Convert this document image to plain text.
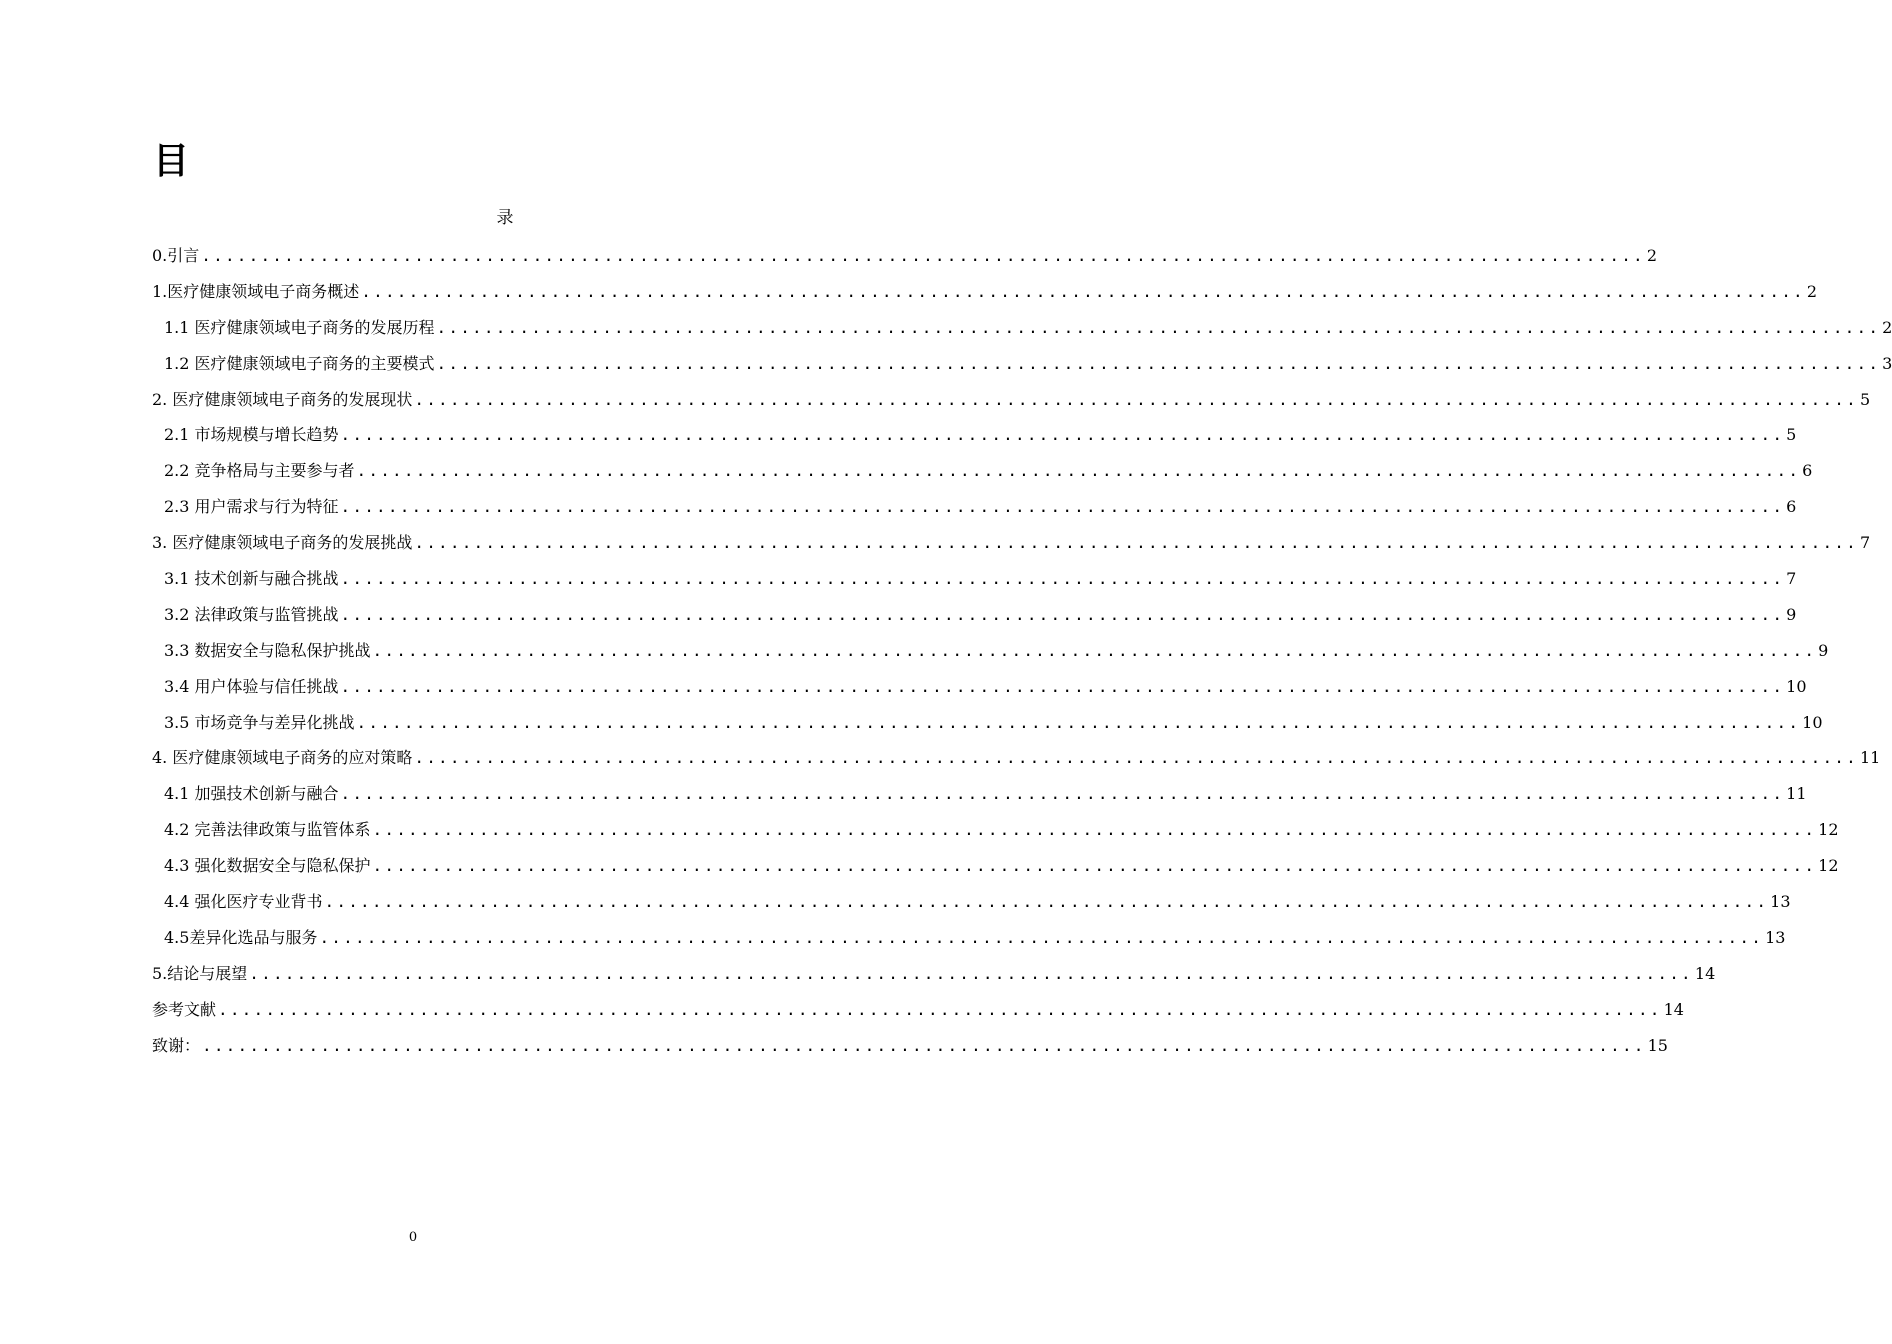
目
录
0.引言 .......................................................................................................................... 2
1.医疗健康领域电子商务概述 .......................................................................................................................... 2
1.1 医疗健康领域电子商务的发展历程 .......................................................................................................................... 2
1.2 医疗健康领域电子商务的主要模式 .......................................................................................................................... 3
2. 医疗健康领域电子商务的发展现状 .......................................................................................................................... 5
2.1 市场规模与增长趋势 .......................................................................................................................... 5
2.2 竞争格局与主要参与者 .......................................................................................................................... 6
2.3 用户需求与行为特征 .......................................................................................................................... 6
3. 医疗健康领域电子商务的发展挑战 .......................................................................................................................... 7
3.1 技术创新与融合挑战 .......................................................................................................................... 7
3.2 法律政策与监管挑战 .......................................................................................................................... 9
3.3 数据安全与隐私保护挑战 .......................................................................................................................... 9
3.4 用户体验与信任挑战 .......................................................................................................................... 10
3.5 市场竞争与差异化挑战 .......................................................................................................................... 10
4. 医疗健康领域电子商务的应对策略 .......................................................................................................................... 11
4.1 加强技术创新与融合 .......................................................................................................................... 11
4.2 完善法律政策与监管体系 .......................................................................................................................... 12
4.3 强化数据安全与隐私保护 .......................................................................................................................... 12
4.4 强化医疗专业背书 .......................................................................................................................... 13
4.5差异化选品与服务 .......................................................................................................................... 13
5.结论与展望 .......................................................................................................................... 14
参考文献 .......................................................................................................................... 14
致谢： .......................................................................................................................... 15
0
